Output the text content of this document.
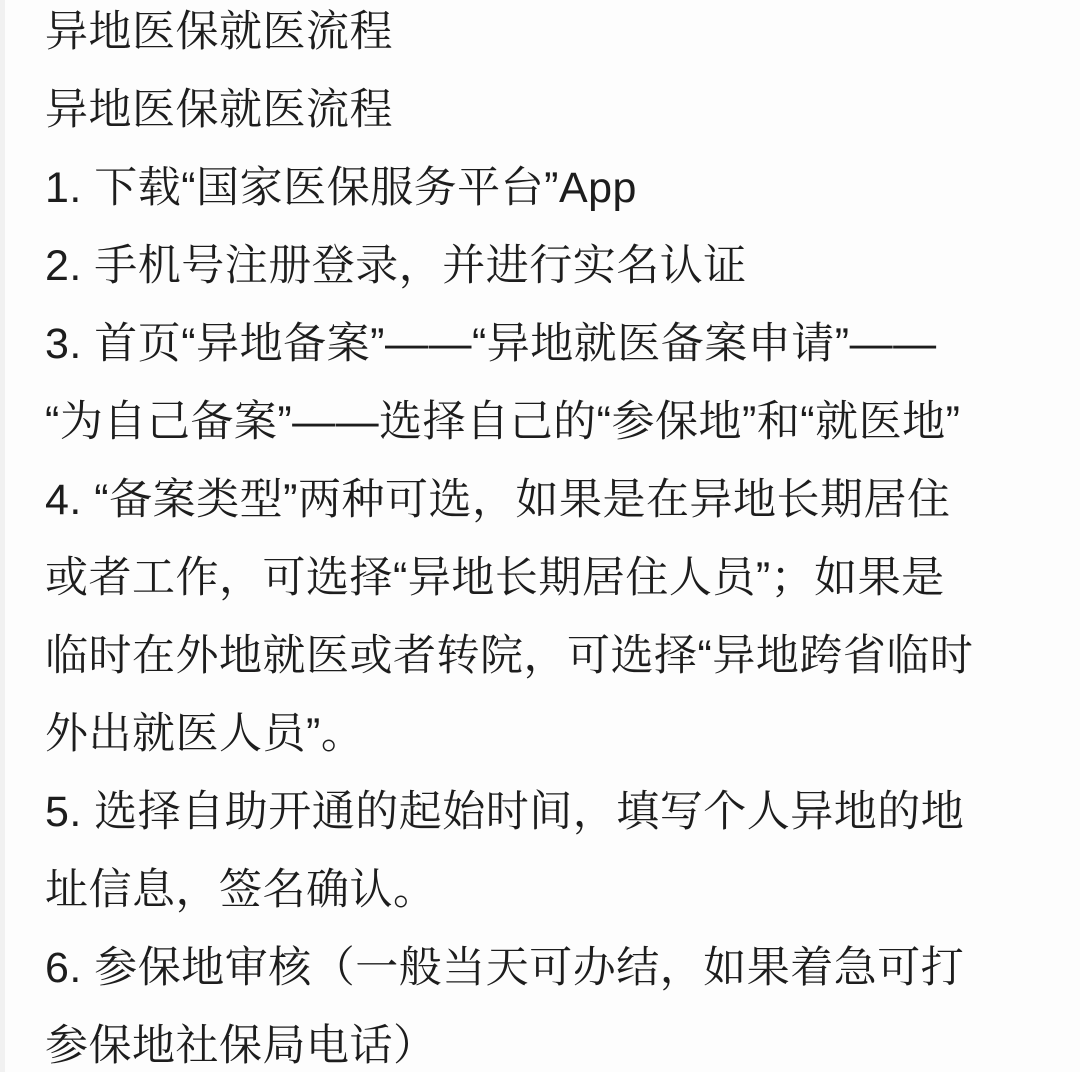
异地医保就医流程
异地医保就医流程
1. 下载“国家医保服务平台”App
2. 手机号注册登录，并进行实名认证
3. 首页“异地备案”——“异地就医备案申请”——
“为自己备案”——选择自己的“参保地”和“就医地”
4. “备案类型”两种可选，如果是在异地长期居住
或者工作，可选择“异地长期居住人员”；如果是
临时在外地就医或者转院，可选择“异地跨省临时
外出就医人员”。
5. 选择自助开通的起始时间，填写个人异地的地
址信息，签名确认。
6. 参保地审核（一般当天可办结，如果着急可打
参保地社保局电话）
